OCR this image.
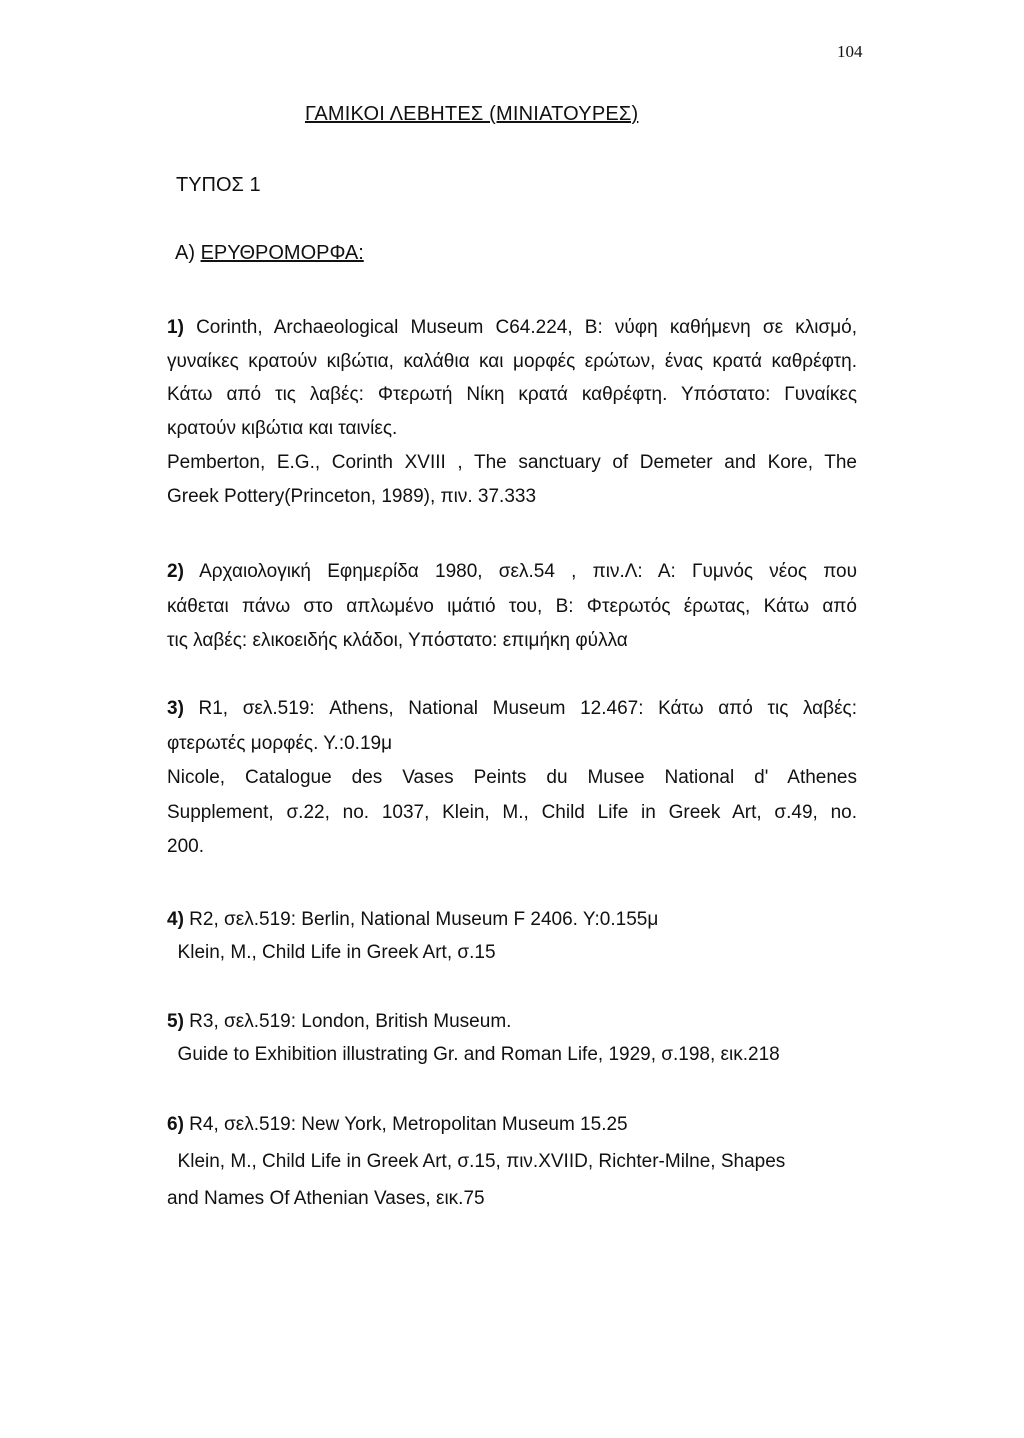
104
ΓΑΜΙΚΟΙ ΛΕΒΗΤΕΣ (ΜΙΝΙΑΤΟΥΡΕΣ)
ΤΥΠΟΣ 1
Α) ΕΡΥΘΡΟΜΟΡΦΑ:
1) Corinth, Archaeological Museum C64.224, Β: νύφη καθήμενη σε κλισμό,
γυναίκες κρατούν κιβώτια, καλάθια και μορφές ερώτων, ένας κρατά καθρέφτη.
Κάτω από τις λαβές: Φτερωτή Νίκη κρατά καθρέφτη. Υπόστατο: Γυναίκες
κρατούν κιβώτια και ταινίες.
Pemberton, E.G., Corinth XVIII , The sanctuary of Demeter and Kore, The
Greek Pottery(Princeton, 1989), πιν. 37.333
2) Αρχαιολογική Εφημερίδα 1980, σελ.54 , πιν.Λ: Α: Γυμνός νέος που
κάθεται πάνω στο απλωμένο ιμάτιό του, Β: Φτερωτός έρωτας, Κάτω από
τις λαβές: ελικοειδής κλάδοι, Υπόστατο: επιμήκη φύλλα
3) R1, σελ.519: Athens, National Museum 12.467: Κάτω από τις λαβές:
φτερωτές μορφές. Υ.:0.19μ
Nicole, Catalogue des Vases Peints du Musee National d' Athenes
Supplement, σ.22, no. 1037, Klein, M., Child Life in Greek Art, σ.49, no.
200.
4) R2, σελ.519: Berlin, National Museum F 2406. Y:0.155μ
Klein, M., Child Life in Greek Art, σ.15
5) R3, σελ.519: London, British Museum.
Guide to Exhibition illustrating Gr. and Roman Life, 1929, σ.198, εικ.218
6) R4, σελ.519: New York, Metropolitan Museum 15.25
Klein, M., Child Life in Greek Art, σ.15, πιν.XVIID, Richter-Milne, Shapes
and Names Of Athenian Vases, εικ.75
